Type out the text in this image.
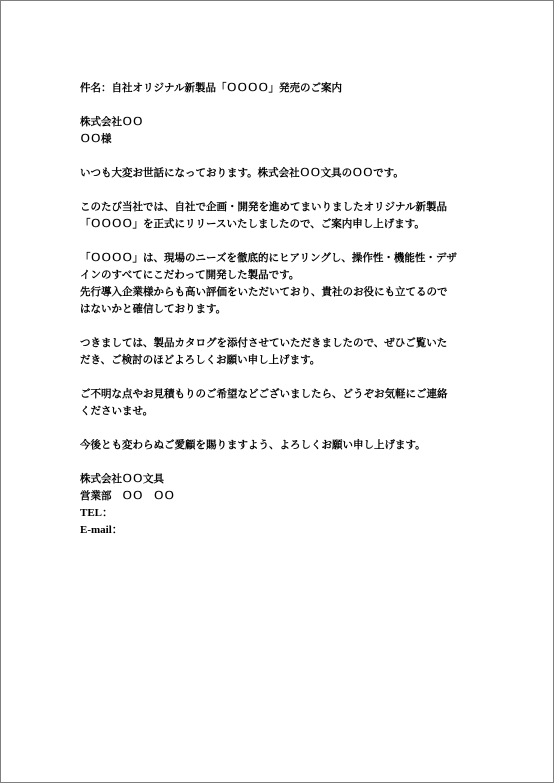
件名：自社オリジナル新製品「ＯＯＯＯ」発売のご案内
株式会社ＯＯ
ＯＯ様
いつも大変お世話になっております。株式会社ＯＯ文具のＯＯです。
このたび当社では、自社で企画・開発を進めてまいりましたオリジナル新製品
「ＯＯＯＯ」を正式にリリースいたしましたので、ご案内申し上げます。
「ＯＯＯＯ」は、現場のニーズを徹底的にヒアリングし、操作性・機能性・デザ
インのすべてにこだわって開発した製品です。
先行導入企業様からも高い評価をいただいており、貴社のお役にも立てるので
はないかと確信しております。
つきましては、製品カタログを添付させていただきましたので、ぜひご覧いた
だき、ご検討のほどよろしくお願い申し上げます。
ご不明な点やお見積もりのご希望などございましたら、どうぞお気軽にご連絡
くださいませ。
今後とも変わらぬご愛顧を賜りますよう、よろしくお願い申し上げます。
株式会社ＯＯ文具
営業部　ＯＯ　ＯＯ
TEL：
E-mail：
